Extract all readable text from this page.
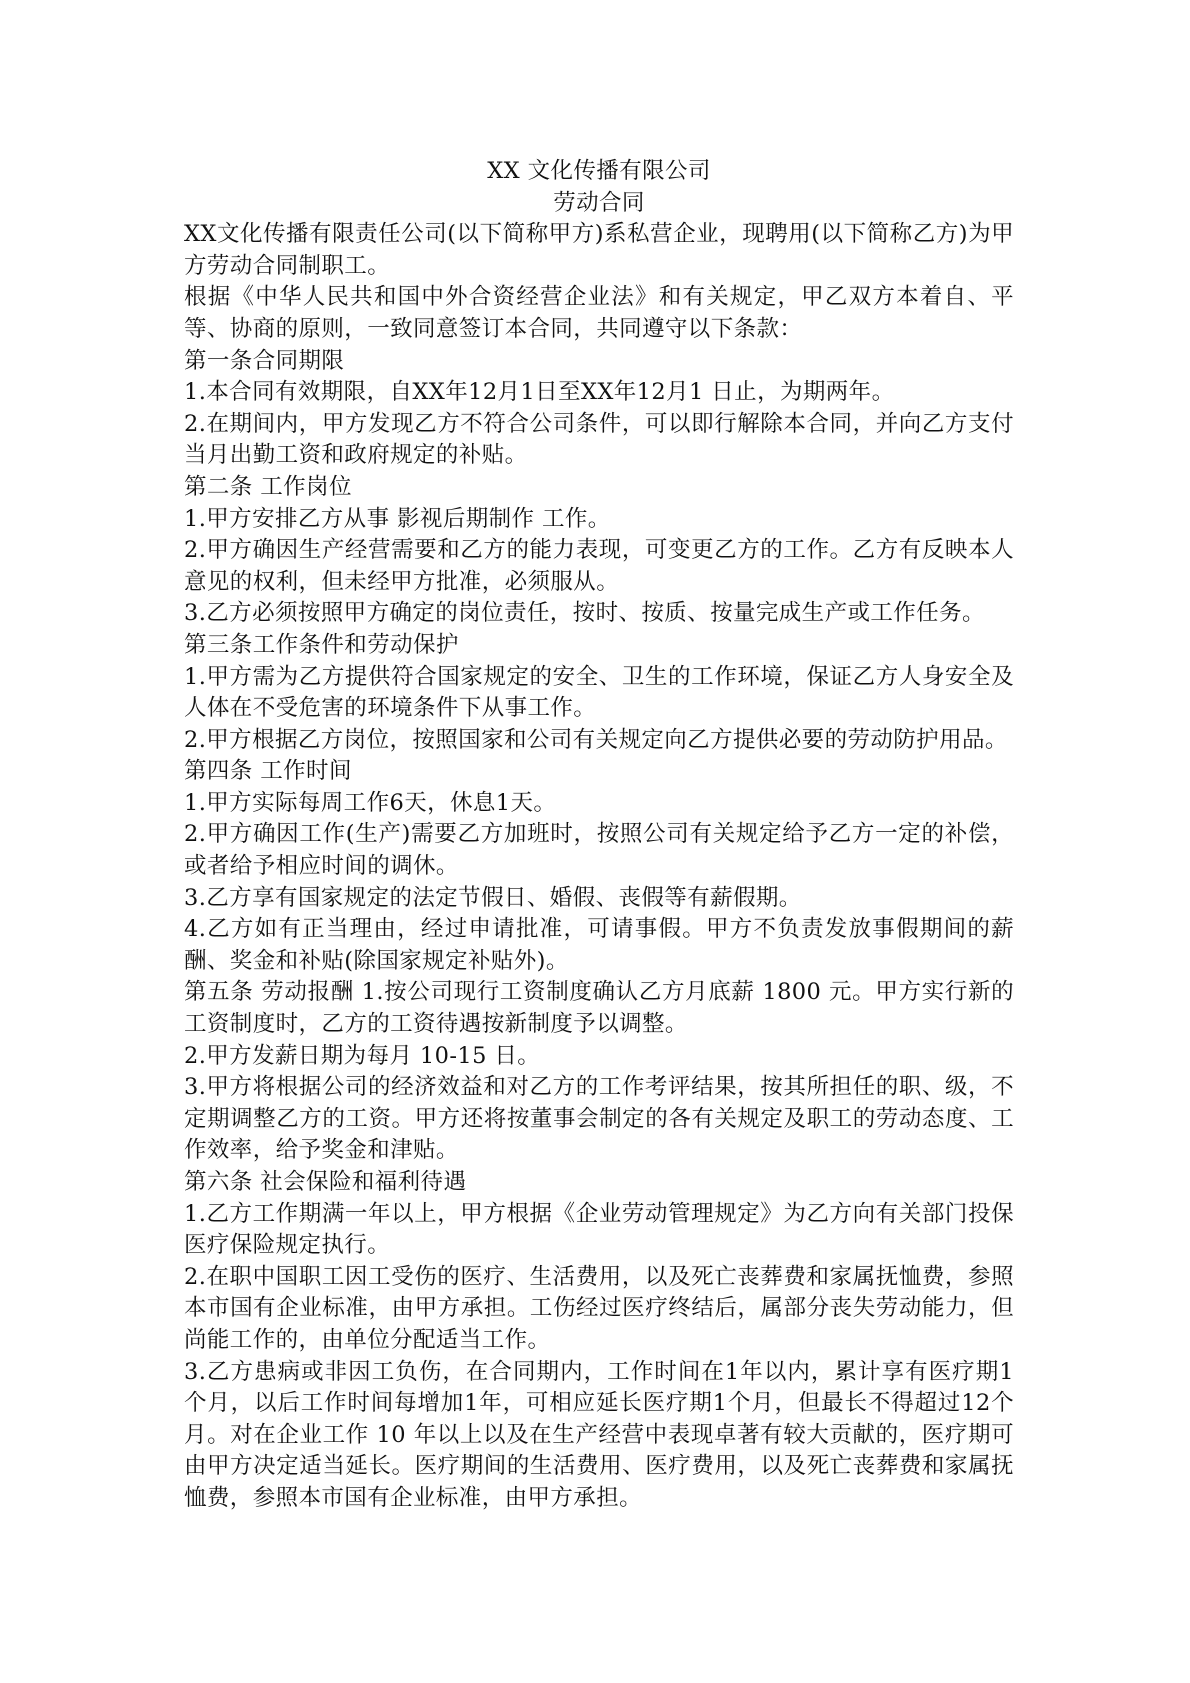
XX 文化传播有限公司
劳动合同
XX文化传播有限责任公司(以下简称甲方)系私营企业，现聘用(以下简称乙方)为甲方劳动合同制职工。
根据《中华人民共和国中外合资经营企业法》和有关规定，甲乙双方本着自、平等、协商的原则，一致同意签订本合同，共同遵守以下条款：
第一条合同期限
1.本合同有效期限，自XX年12月1日至XX年12月1 日止，为期两年。
2.在期间内，甲方发现乙方不符合公司条件，可以即行解除本合同，并向乙方支付当月出勤工资和政府规定的补贴。
第二条 工作岗位
1.甲方安排乙方从事 影视后期制作 工作。
2.甲方确因生产经营需要和乙方的能力表现，可变更乙方的工作。乙方有反映本人意见的权利，但未经甲方批准，必须服从。
3.乙方必须按照甲方确定的岗位责任，按时、按质、按量完成生产或工作任务。
第三条工作条件和劳动保护
1.甲方需为乙方提供符合国家规定的安全、卫生的工作环境，保证乙方人身安全及人体在不受危害的环境条件下从事工作。
2.甲方根据乙方岗位，按照国家和公司有关规定向乙方提供必要的劳动防护用品。
第四条 工作时间
1.甲方实际每周工作6天，休息1天。
2.甲方确因工作(生产)需要乙方加班时，按照公司有关规定给予乙方一定的补偿，或者给予相应时间的调休。
3.乙方享有国家规定的法定节假日、婚假、丧假等有薪假期。
4.乙方如有正当理由，经过申请批准，可请事假。甲方不负责发放事假期间的薪酬、奖金和补贴(除国家规定补贴外)。
第五条 劳动报酬 1.按公司现行工资制度确认乙方月底薪 1800 元。甲方实行新的工资制度时，乙方的工资待遇按新制度予以调整。
2.甲方发薪日期为每月 10-15 日。
3.甲方将根据公司的经济效益和对乙方的工作考评结果，按其所担任的职、级，不定期调整乙方的工资。甲方还将按董事会制定的各有关规定及职工的劳动态度、工作效率，给予奖金和津贴。
第六条 社会保险和福利待遇
1.乙方工作期满一年以上，甲方根据《企业劳动管理规定》为乙方向有关部门投保医疗保险规定执行。
2.在职中国职工因工受伤的医疗、生活费用，以及死亡丧葬费和家属抚恤费，参照本市国有企业标准，由甲方承担。工伤经过医疗终结后，属部分丧失劳动能力，但尚能工作的，由单位分配适当工作。
3.乙方患病或非因工负伤，在合同期内，工作时间在1年以内，累计享有医疗期1个月，以后工作时间每增加1年，可相应延长医疗期1个月，但最长不得超过12个月。对在企业工作 10 年以上以及在生产经营中表现卓著有较大贡献的，医疗期可由甲方决定适当延长。医疗期间的生活费用、医疗费用，以及死亡丧葬费和家属抚恤费，参照本市国有企业标准，由甲方承担。
